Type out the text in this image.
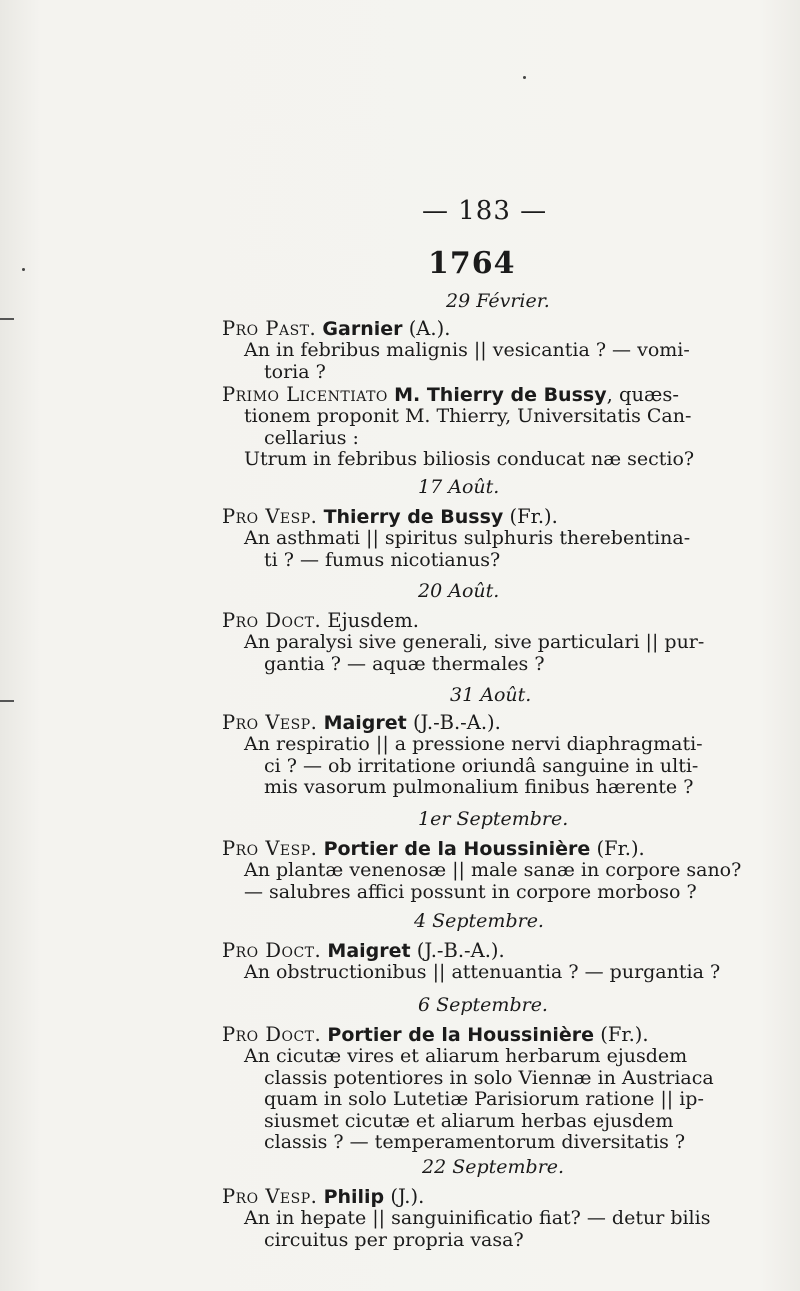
— 183 —
1764
29 Février.
Pro Past. Garnier (A.).
An in febribus malignis || vesicantia ? — vomi-
toria ?
Primo Licentiato M. Thierry de Bussy, quæs-
tionem proponit M. Thierry, Universitatis Can-
cellarius :
Utrum in febribus biliosis conducat næ sectio?
17 Août.
Pro Vesp. Thierry de Bussy (Fr.).
An asthmati || spiritus sulphuris therebentina-
ti ? — fumus nicotianus?
20 Août.
Pro Doct. Ejusdem.
An paralysi sive generali, sive particulari || pur-
gantia ? — aquæ thermales ?
31 Août.
Pro Vesp. Maigret (J.-B.-A.).
An respiratio || a pressione nervi diaphragmati-
ci ? — ob irritatione oriundâ sanguine in ulti-
mis vasorum pulmonalium finibus hærente ?
1er Septembre.
Pro Vesp. Portier de la Houssinière (Fr.).
An plantæ venenosæ || male sanæ in corpore sano?
— salubres affici possunt in corpore morboso ?
4 Septembre.
Pro Doct. Maigret (J.-B.-A.).
An obstructionibus || attenuantia ? — purgantia ?
6 Septembre.
Pro Doct. Portier de la Houssinière (Fr.).
An cicutæ vires et aliarum herbarum ejusdem
classis potentiores in solo Viennæ in Austriaca
quam in solo Lutetiæ Parisiorum ratione || ip-
siusmet cicutæ et aliarum herbas ejusdem
classis ? — temperamentorum diversitatis ?
22 Septembre.
Pro Vesp. Philip (J.).
An in hepate || sanguinificatio fiat? — detur bilis
circuitus per propria vasa?
